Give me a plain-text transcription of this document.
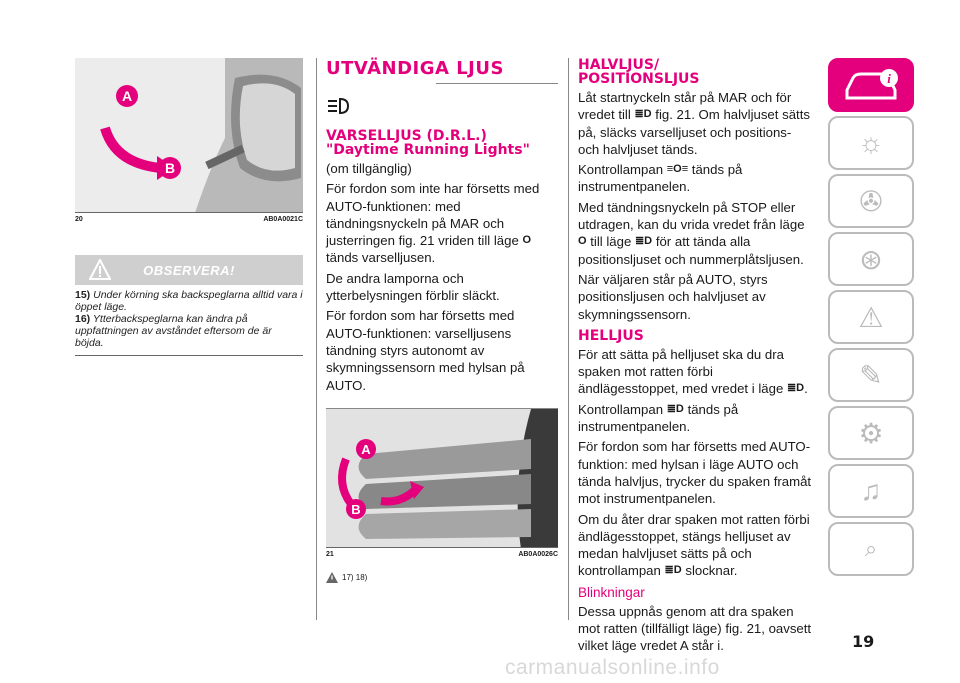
A
B
20	AB0A0021C
OBSERVERA!
15) Under körning ska backspeglarna alltid vara i öppet läge.
16) Ytterbackspeglarna kan ändra på uppfattningen av avståndet eftersom de är böjda.
UTVÄNDIGA LJUS
VARSELLJUS (D.R.L.) "Daytime Running Lights"
(om tillgänglig)
För fordon som inte har försetts med AUTO-funktionen: med tändningsnyckeln på MAR och justerringen fig. 21 vriden till läge O tänds varselljusen.
De andra lamporna och ytterbelysningen förblir släckt.
För fordon som har försetts med AUTO-funktionen: varselljusens tändning styrs autonomt av skymningssensorn med hylsan på AUTO.
A
B
21	AB0A0026C
17) 18)
HALVLJUS/ POSITIONSLJUS
Låt startnyckeln står på MAR och för vredet till ≣D fig. 21. Om halvljuset sätts på, släcks varselljuset och positions- och halvljuset tänds.
Kontrollampan ≡O≡ tänds på instrumentpanelen.
Med tändningsnyckeln på STOP eller utdragen, kan du vrida vredet från läge O till läge ≣D för att tända alla positionsljuset och nummerplåtsljusen.
När väljaren står på AUTO, styrs positionsljusen och halvljuset av skymningssensorn.
HELLJUS
För att sätta på helljuset ska du dra spaken mot ratten förbi ändlägesstoppet, med vredet i läge ≣D.
Kontrollampan ≣D tänds på instrumentpanelen.
För fordon som har försetts med AUTO-funktion: med hylsan i läge AUTO och tända halvljus, trycker du spaken framåt mot instrumentpanelen.
Om du åter drar spaken mot ratten förbi ändlägesstoppet, stängs helljuset av medan halvljuset sätts på och kontrollampan ≣D slocknar.
Blinkningar
Dessa uppnås genom att dra spaken mot ratten (tillfälligt läge) fig. 21, oavsett vilket läge vredet A står i.
i
☼
✇
⊛
⚠
✎
⚙
♫
⌕
19
carmanualsonline.info
